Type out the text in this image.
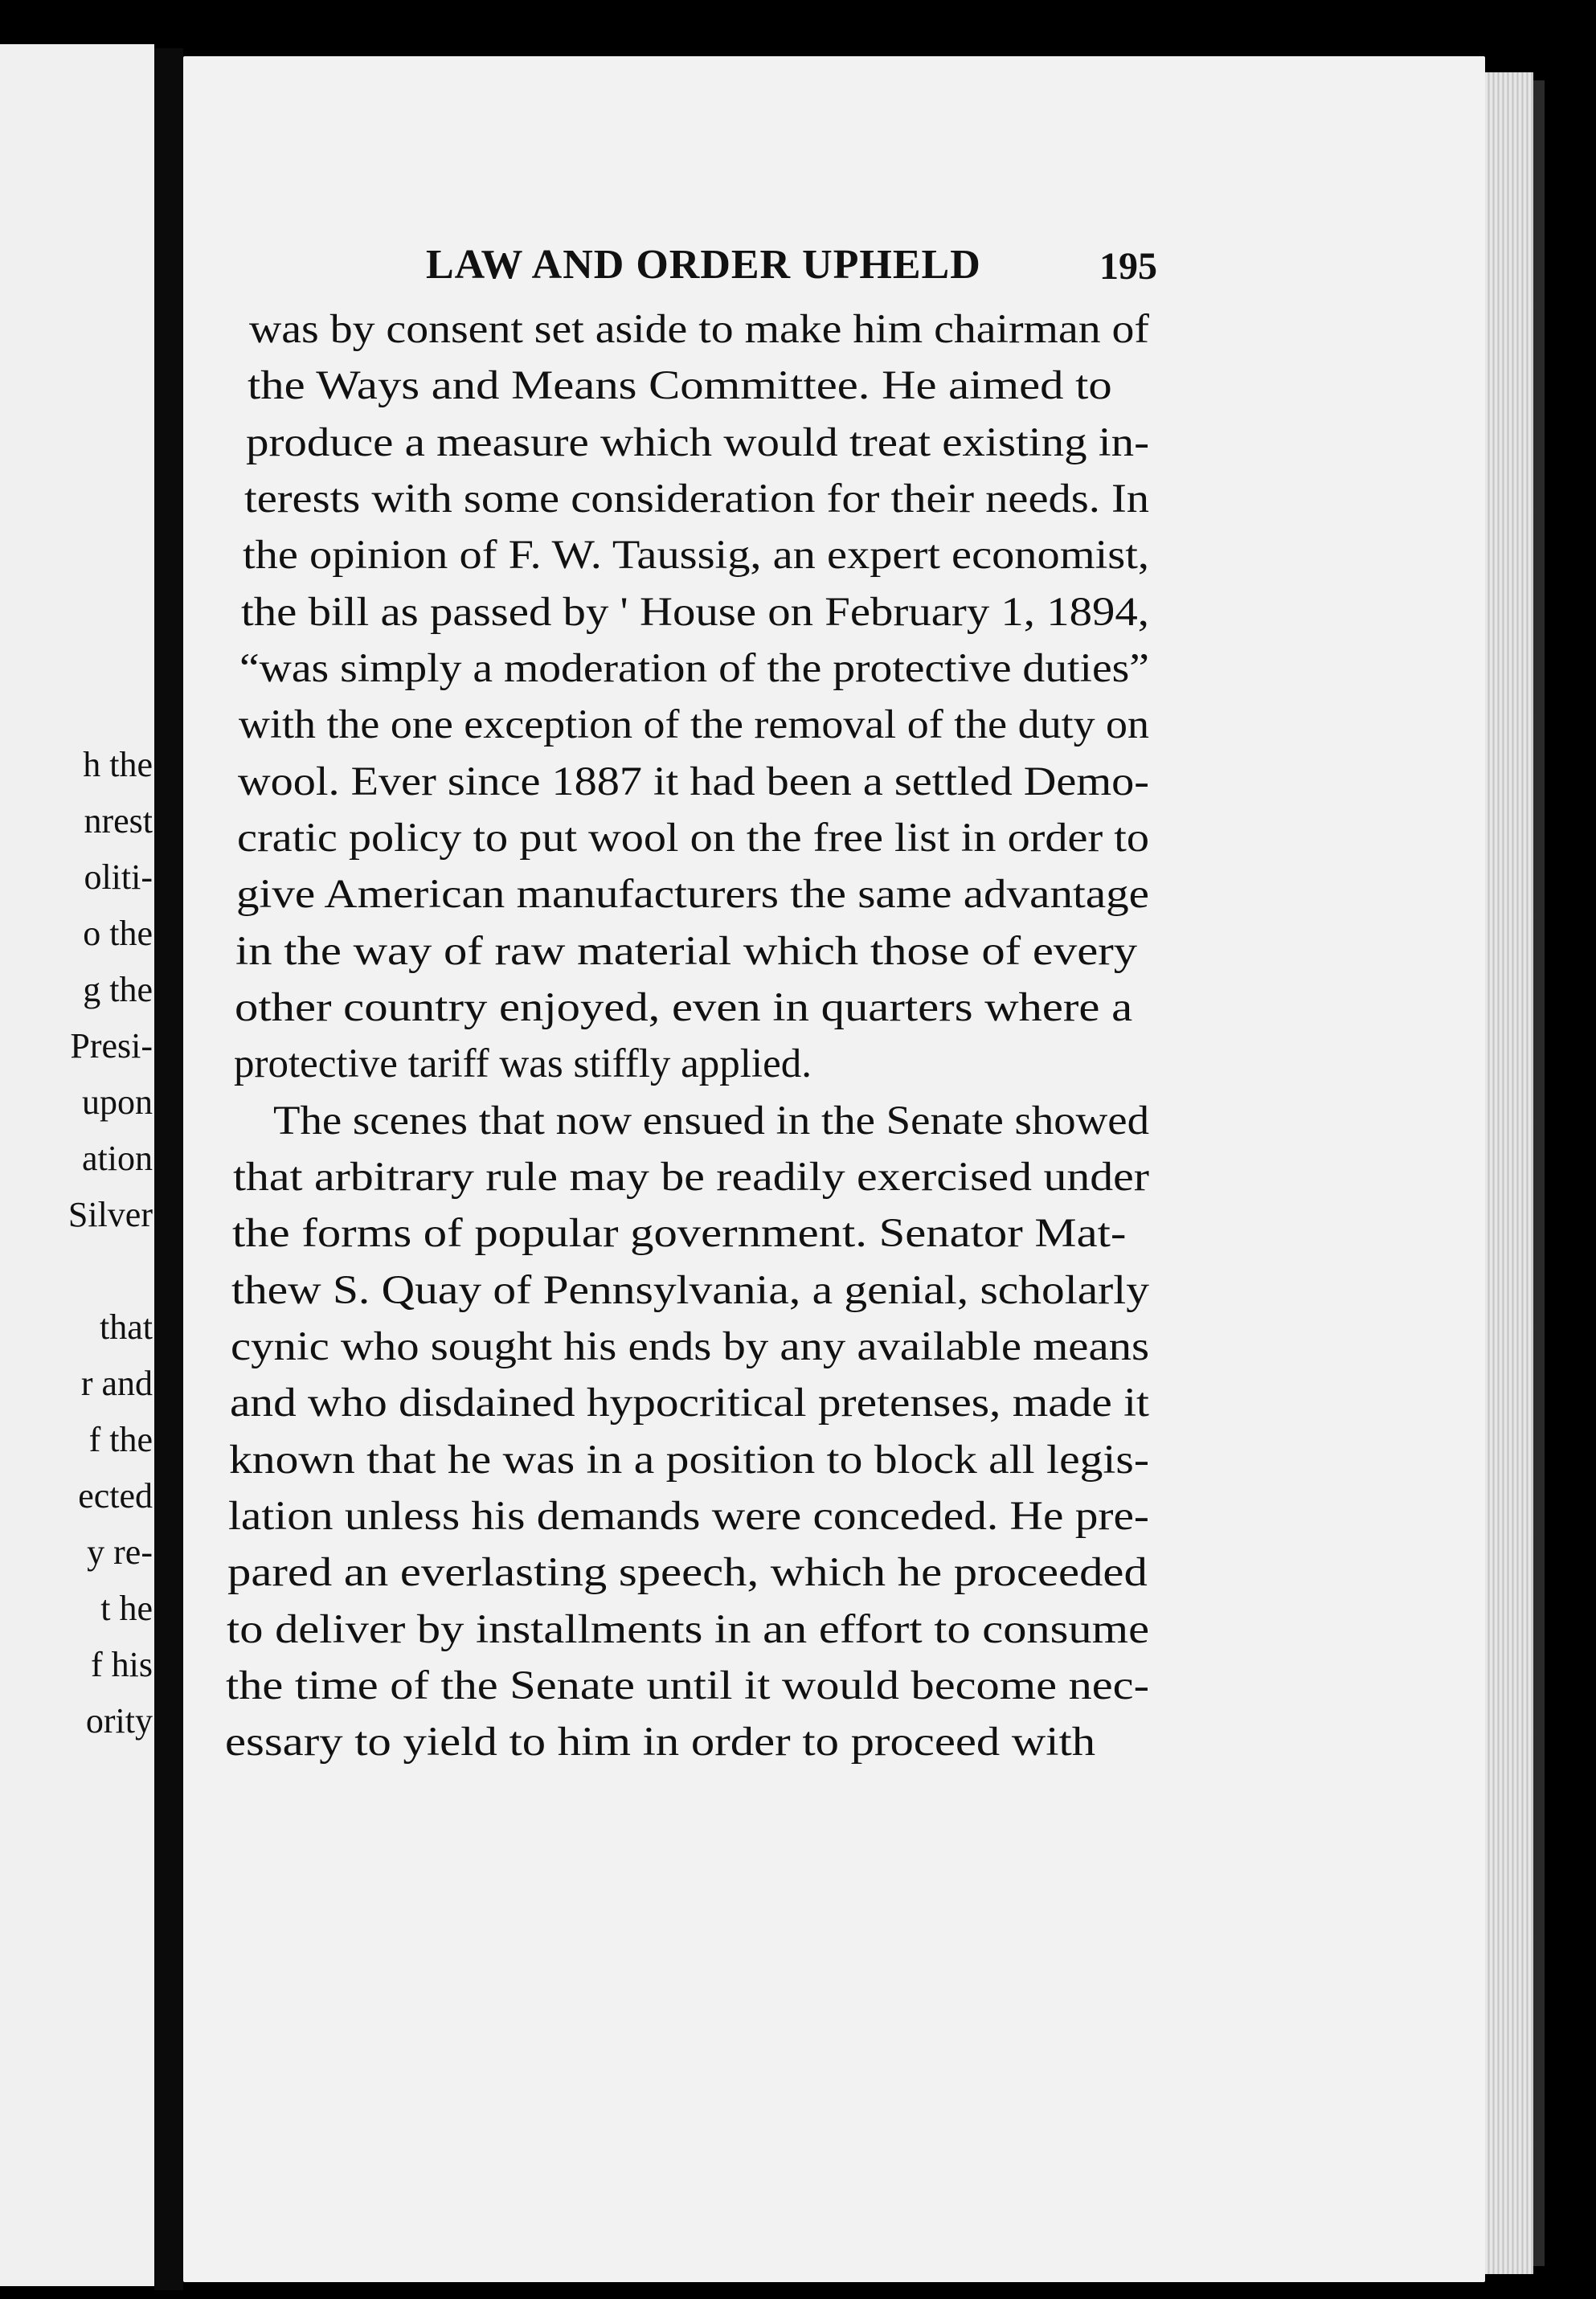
h the
nrest
oliti-
o the
g the
Presi-
upon
ation
Silver
that
r and
f the
ected
y re-
t he
f his
ority
LAW AND ORDER UPHELD	195
was by consent set aside to make him chairman of
the Ways and Means Committee. He aimed to
produce a measure which would treat existing in-
terests with some consideration for their needs. In
the opinion of F. W. Taussig, an expert economist,
the bill as passed by ' House on February 1, 1894,
“was simply a moderation of the protective duties”
with the one exception of the removal of the duty on
wool. Ever since 1887 it had been a settled Demo-
cratic policy to put wool on the free list in order to
give American manufacturers the same advantage
in the way of raw material which those of every
other country enjoyed, even in quarters where a
protective tariff was stiffly applied.
The scenes that now ensued in the Senate showed
that arbitrary rule may be readily exercised under
the forms of popular government. Senator Mat-
thew S. Quay of Pennsylvania, a genial, scholarly
cynic who sought his ends by any available means
and who disdained hypocritical pretenses, made it
known that he was in a position to block all legis-
lation unless his demands were conceded. He pre-
pared an everlasting speech, which he proceeded
to deliver by installments in an effort to consume
the time of the Senate until it would become nec-
essary to yield to him in order to proceed with
